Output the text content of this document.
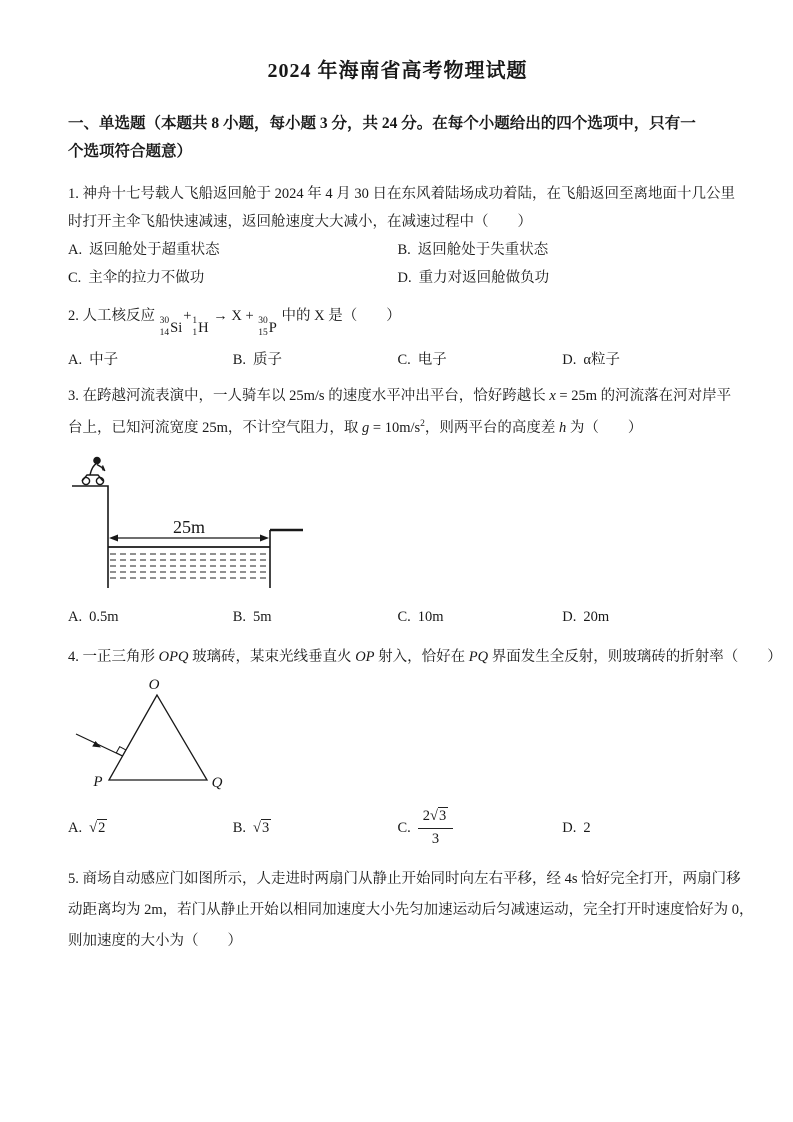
2024 年海南省高考物理试题
一、单选题（本题共 8 小题，每小题 3 分，共 24 分。在每个小题给出的四个选项中，只有一
个选项符合题意）
1. 神舟十七号载人飞船返回舱于 2024 年 4 月 30 日在东风着陆场成功着陆，在飞船返回至离地面十几公里
时打开主伞飞船快速减速，返回舱速度大大减小，在减速过程中（　　）
A. 返回舱处于超重状态	B. 返回舱处于失重状态
C. 主伞的拉力不做功	D. 重力对返回舱做负功
2. 人工核反应 30
14 Si
+ 1
1 H
→ X + 30
15 P
中的 X 是（　　）
A. 中子	B. 质子	C. 电子	D. α粒子
3. 在跨越河流表演中，一人骑车以 25m/s 的速度水平冲出平台，恰好跨越长 x = 25m 的河流落在河对岸平
台上，已知河流宽度 25m，不计空气阻力，取 $g = 10m/s^2$，则两平台的高度差 h 为（　　）
25m
A. 0.5m	B. 5m	C. 10m	D. 20m
4. 一正三角形 OPQ 玻璃砖，某束光线垂直火 OP 射入，恰好在 PQ 界面发生全反射，则玻璃砖的折射率（　　）
O
P	Q
A. √2	B. √3	C. $\frac{2√3}{3}$	D. 2
5. 商场自动感应门如图所示，人走进时两扇门从静止开始同时向左右平移，经 4s 恰好完全打开，两扇门移
动距离均为 2m，若门从静止开始以相同加速度大小先匀加速运动后匀减速运动，完全打开时速度恰好为 0，
则加速度的大小为（　　）
